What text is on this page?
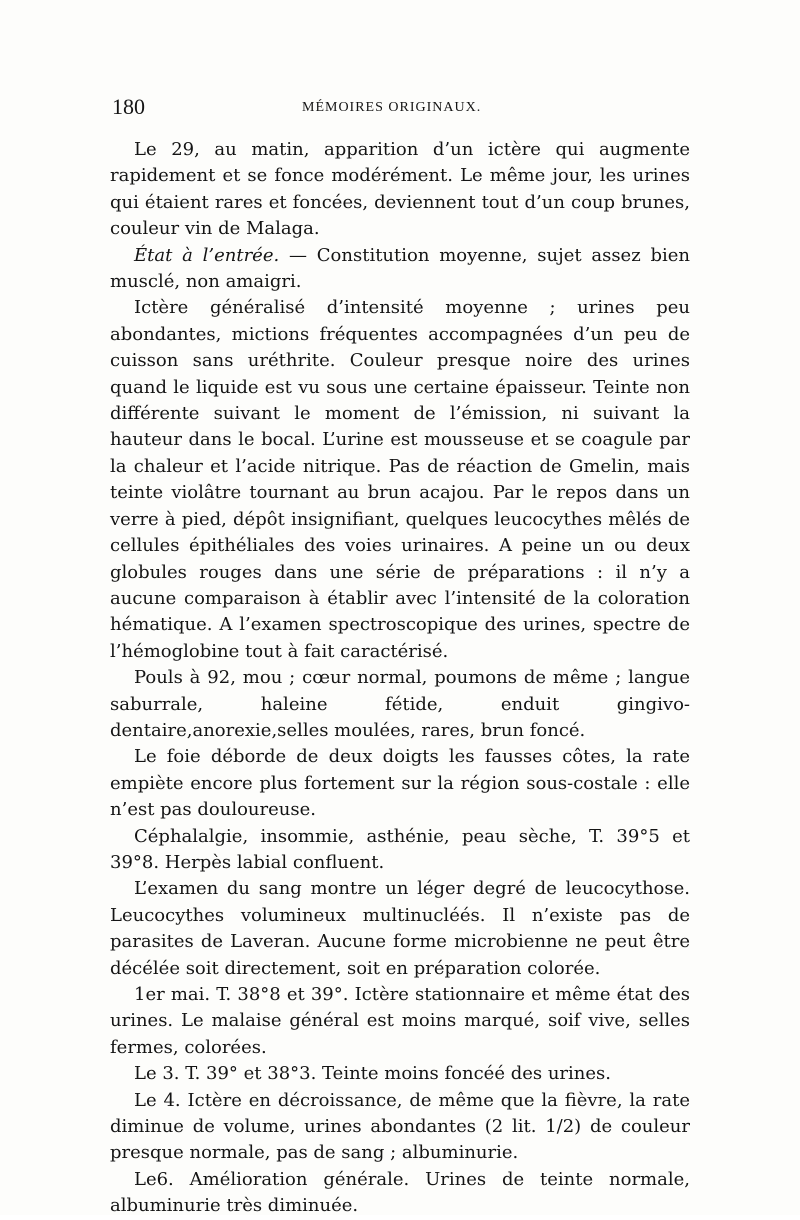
180	MÉMOIRES ORIGINAUX.

Le 29, au matin, apparition d’un ictère qui augmente rapidement et se fonce modérément. Le même jour, les urines qui étaient rares et foncées, deviennent tout d’un coup brunes, couleur vin de Malaga.

État à l’entrée. — Constitution moyenne, sujet assez bien musclé, non amaigri.

Ictère généralisé d’intensité moyenne ; urines peu abondantes, mictions fréquentes accompagnées d’un peu de cuisson sans uréthrite. Couleur presque noire des urines quand le liquide est vu sous une certaine épaisseur. Teinte non différente suivant le moment de l’émission, ni suivant la hauteur dans le bocal. L’urine est mousseuse et se coagule par la chaleur et l’acide nitrique. Pas de réaction de Gmelin, mais teinte violâtre tournant au brun acajou. Par le repos dans un verre à pied, dépôt insignifiant, quelques leucocythes mêlés de cellules épithéliales des voies urinaires. A peine un ou deux globules rouges dans une série de préparations : il n’y a aucune comparaison à établir avec l’intensité de la coloration hématique. A l’examen spectroscopique des urines, spectre de l’hémoglobine tout à fait caractérisé.

Pouls à 92, mou ; cœur normal, poumons de même ; langue saburrale, haleine fétide, enduit gingivo-dentaire,anorexie,selles moulées, rares, brun foncé.

Le foie déborde de deux doigts les fausses côtes, la rate empiète encore plus fortement sur la région sous-costale : elle n’est pas douloureuse.

Céphalalgie, insommie, asthénie, peau sèche, T. 39°5 et 39°8. Herpès labial confluent.

L’examen du sang montre un léger degré de leucocythose. Leucocythes volumineux multinucléés. Il n’existe pas de parasites de Laveran. Aucune forme microbienne ne peut être décélée soit directement, soit en préparation colorée.

1er mai. T. 38°8 et 39°. Ictère stationnaire et même état des urines. Le malaise général est moins marqué, soif vive, selles fermes, colorées.

Le 3. T. 39° et 38°3. Teinte moins foncéé des urines.

Le 4. Ictère en décroissance, de même que la fièvre, la rate diminue de volume, urines abondantes (2 lit. 1/2) de couleur presque normale, pas de sang ; albuminurie.

Le6. Amélioration générale. Urines de teinte normale, albuminurie très diminuée.
